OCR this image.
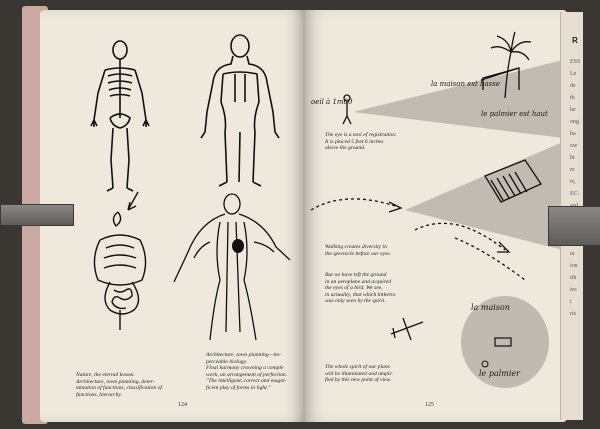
Nature, the eternal lesson.
Architecture, town planning, deter-
mination of functions, classification of
functions, hierarchy.
Architecture, town planning—im-
perceable biology.
Final harmony crowning a comple
work, an arrangement of perfection.
"The intelligent, correct and magni-
ficent play of forms in light."
124
oeil à 1m60
la maison est basse
le palmier est haut
The eye is a tool of registration.
It is placed 5 feet 6 inches
above the ground.
Walking creates diversity in
the spectacle before our eyes.
But we have left the ground
in an aeroplane and acquired
the eyes of a bird. We see,
in actuality, that which hitherto
was only seen by the spirit.
la maison
le palmier
The whole spirit of our plans
will be illuminated and ampli-
fied by this new point of view.
125
R
ESS
Le
de
th
he
ong
ha
ow
ht
re
iv,
EC-
ta
ion
ith
ies
i
ris
